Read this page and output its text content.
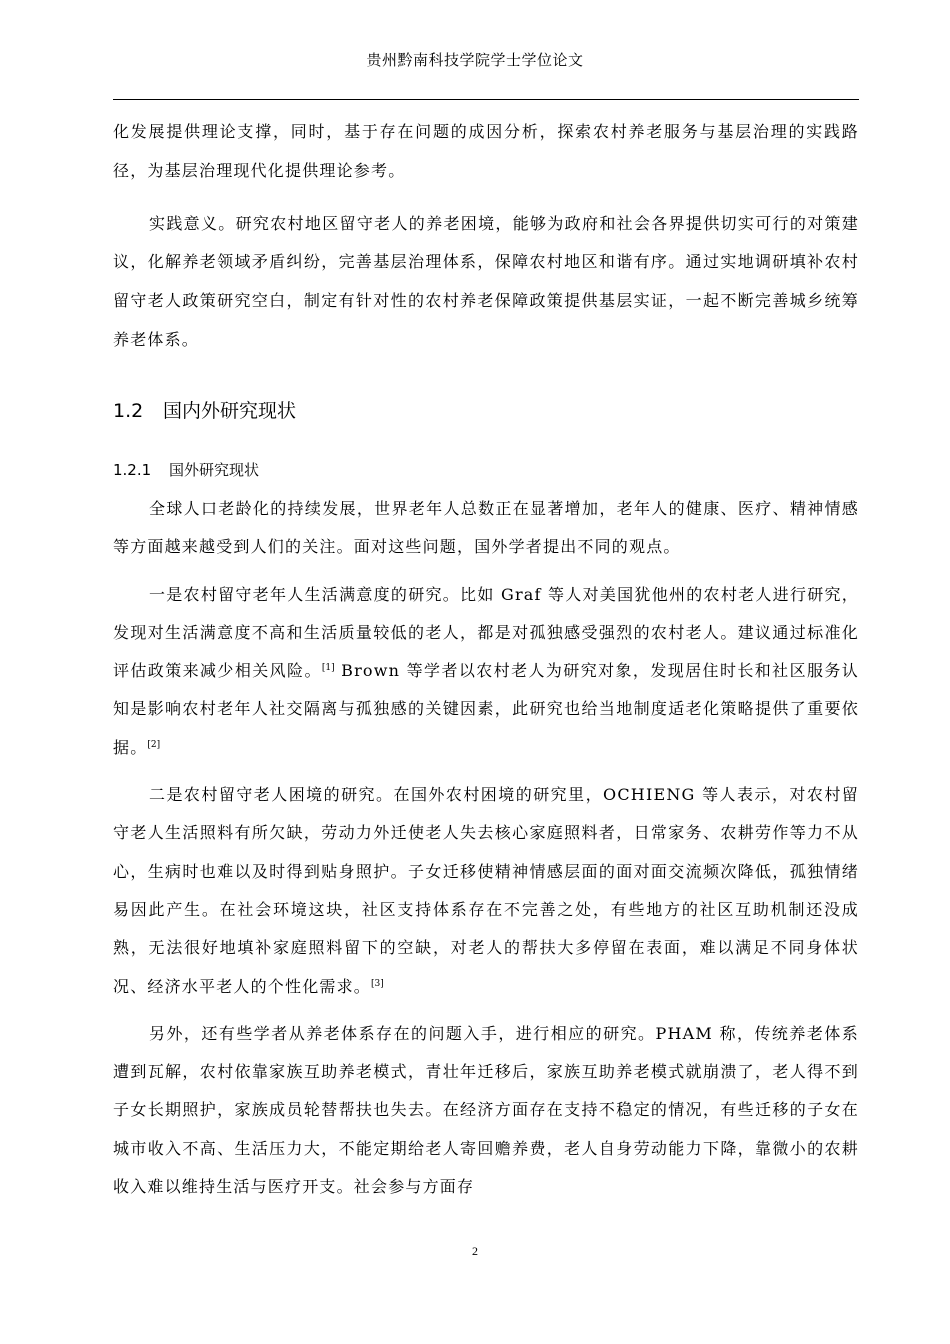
贵州黔南科技学院学士学位论文

化发展提供理论支撑，同时，基于存在问题的成因分析，探索农村养老服务与基层治理的实践路径，为基层治理现代化提供理论参考。

实践意义。研究农村地区留守老人的养老困境，能够为政府和社会各界提供切实可行的对策建议，化解养老领域矛盾纠纷，完善基层治理体系，保障农村地区和谐有序。通过实地调研填补农村留守老人政策研究空白，制定有针对性的农村养老保障政策提供基层实证，一起不断完善城乡统筹养老体系。

1.2 国内外研究现状
1.2.1 国外研究现状

全球人口老龄化的持续发展，世界老年人总数正在显著增加，老年人的健康、医疗、精神情感等方面越来越受到人们的关注。面对这些问题，国外学者提出不同的观点。

一是农村留守老年人生活满意度的研究。比如 Graf 等人对美国犹他州的农村老人进行研究，发现对生活满意度不高和生活质量较低的老人，都是对孤独感受强烈的农村老人。建议通过标准化评估政策来减少相关风险。[1] Brown 等学者以农村老人为研究对象，发现居住时长和社区服务认知是影响农村老年人社交隔离与孤独感的关键因素，此研究也给当地制度适老化策略提供了重要依据。[2]

二是农村留守老人困境的研究。在国外农村困境的研究里，OCHIENG 等人表示，对农村留守老人生活照料有所欠缺，劳动力外迁使老人失去核心家庭照料者，日常家务、农耕劳作等力不从心，生病时也难以及时得到贴身照护。子女迁移使精神情感层面的面对面交流频次降低，孤独情绪易因此产生。在社会环境这块，社区支持体系存在不完善之处，有些地方的社区互助机制还没成熟，无法很好地填补家庭照料留下的空缺，对老人的帮扶大多停留在表面，难以满足不同身体状况、经济水平老人的个性化需求。[3]

另外，还有些学者从养老体系存在的问题入手，进行相应的研究。PHAM 称，传统养老体系遭到瓦解，农村依靠家族互助养老模式，青壮年迁移后，家族互助养老模式就崩溃了，老人得不到子女长期照护，家族成员轮替帮扶也失去。在经济方面存在支持不稳定的情况，有些迁移的子女在城市收入不高、生活压力大，不能定期给老人寄回赡养费，老人自身劳动能力下降，靠微小的农耕收入难以维持生活与医疗开支。社会参与方面存

2
